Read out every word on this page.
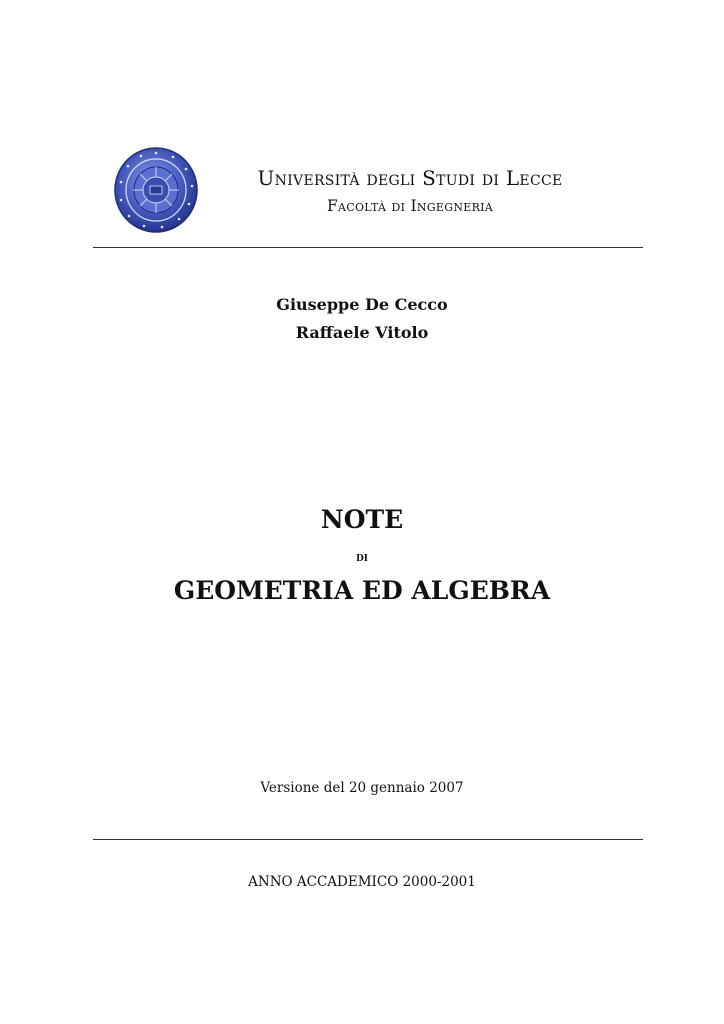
Università degli Studi di Lecce
Facoltà di Ingegneria
Giuseppe De Cecco
Raffaele Vitolo
NOTE
di
GEOMETRIA ED ALGEBRA
Versione del 20 gennaio 2007
ANNO ACCADEMICO 2000-2001
